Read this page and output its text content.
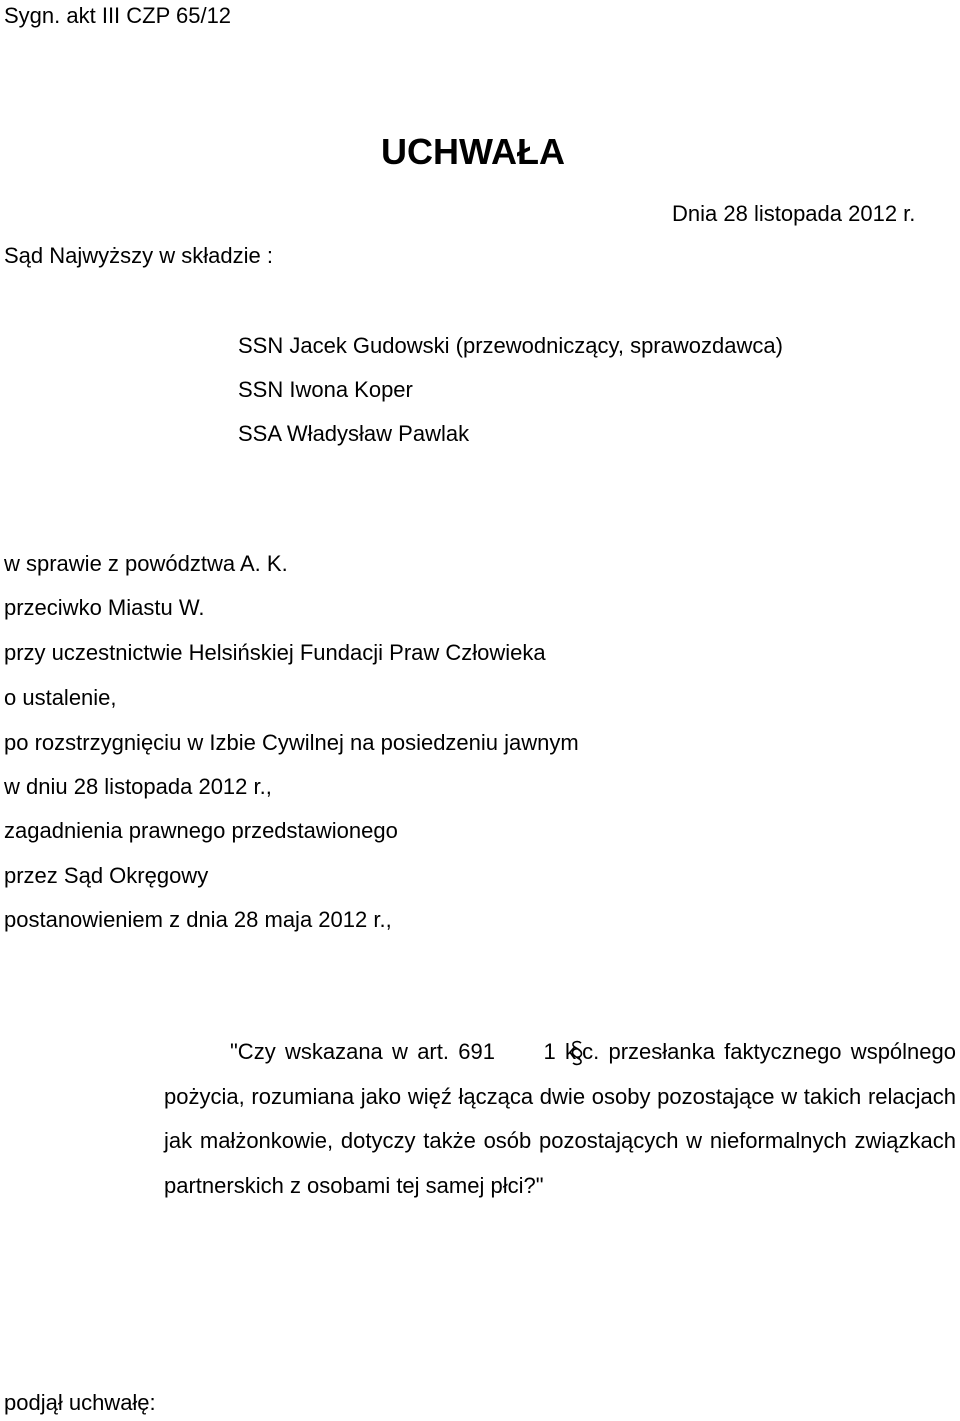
Sygn. akt III CZP 65/12
UCHWAŁA
Dnia 28 listopada 2012 r.
Sąd Najwyższy w składzie :
SSN Jacek Gudowski (przewodniczący, sprawozdawca)
SSN Iwona Koper
SSA Władysław Pawlak
w sprawie z powództwa A. K.
przeciwko Miastu W.
przy uczestnictwie Helsińskiej Fundacji Praw Człowieka
o ustalenie,
po rozstrzygnięciu w Izbie Cywilnej na posiedzeniu jawnym
w dniu 28 listopada 2012 r.,
zagadnienia prawnego przedstawionego
przez Sąd Okręgowy
postanowieniem z dnia 28 maja 2012 r.,
"Czy wskazana w art. 691 1 k.c. przesłanka faktycznego wspólnego pożycia, rozumiana jako więź łącząca dwie osoby pozostające w takich relacjach jak małżonkowie, dotyczy także osób pozostających w nieformalnych związkach partnerskich z osobami tej samej płci?"
podjął uchwałę:
